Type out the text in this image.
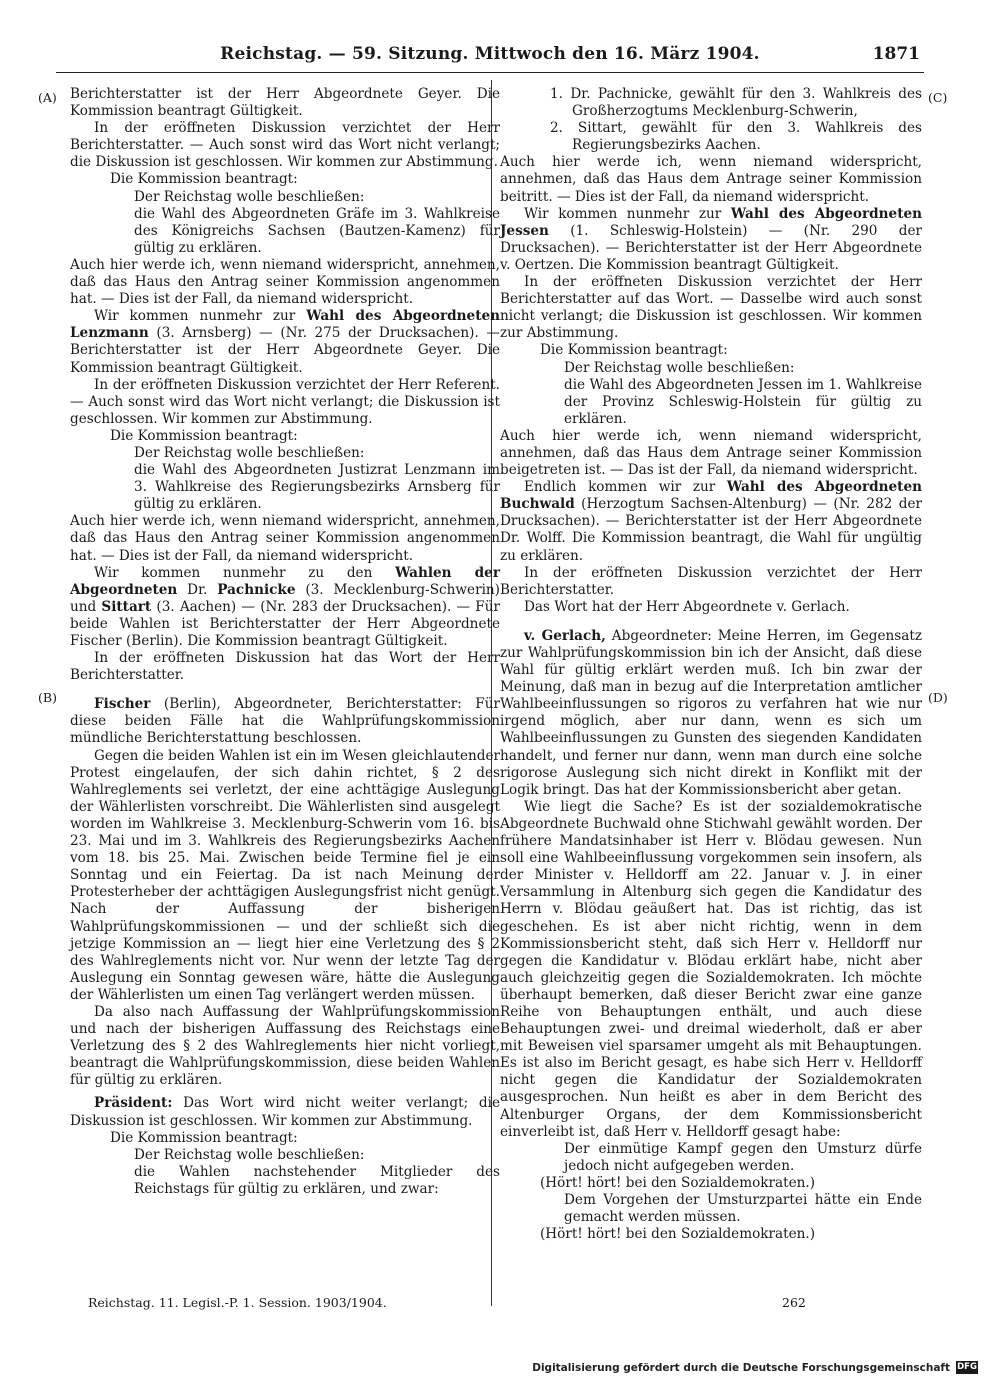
Reichstag. — 59. Sitzung. Mittwoch den 16. März 1904.	1871
(A)
(B)
(C)
(D)

Berichterstatter ist der Herr Abgeordnete Geyer. Die Kommission beantragt Gültigkeit.

In der eröffneten Diskussion verzichtet der Herr Berichterstatter. — Auch sonst wird das Wort nicht verlangt; die Diskussion ist geschlossen. Wir kommen zur Abstimmung.

Die Kommission beantragt:

Der Reichstag wolle beschließen:

die Wahl des Abgeordneten Gräfe im 3. Wahlkreise des Königreichs Sachsen (Bautzen-Kamenz) für gültig zu erklären.

Auch hier werde ich, wenn niemand widerspricht, annehmen, daß das Haus den Antrag seiner Kommission angenommen hat. — Dies ist der Fall, da niemand widerspricht.

Wir kommen nunmehr zur Wahl des Abgeordneten Lenzmann (3. Arnsberg) — (Nr. 275 der Drucksachen). — Berichterstatter ist der Herr Abgeordnete Geyer. Die Kommission beantragt Gültigkeit.

In der eröffneten Diskussion verzichtet der Herr Referent. — Auch sonst wird das Wort nicht verlangt; die Diskussion ist geschlossen. Wir kommen zur Abstimmung.

Die Kommission beantragt:

Der Reichstag wolle beschließen:

die Wahl des Abgeordneten Justizrat Lenzmann im 3. Wahlkreise des Regierungsbezirks Arnsberg für gültig zu erklären.

Auch hier werde ich, wenn niemand widerspricht, annehmen, daß das Haus den Antrag seiner Kommission angenommen hat. — Dies ist der Fall, da niemand widerspricht.

Wir kommen nunmehr zu den Wahlen der Abgeordneten Dr. Pachnicke (3. Mecklenburg-Schwerin) und Sittart (3. Aachen) — (Nr. 283 der Drucksachen). — Für beide Wahlen ist Berichterstatter der Herr Abgeordnete Fischer (Berlin). Die Kommission beantragt Gültigkeit.

In der eröffneten Diskussion hat das Wort der Herr Berichterstatter.

Fischer (Berlin), Abgeordneter, Berichterstatter: Für diese beiden Fälle hat die Wahlprüfungskommission mündliche Berichterstattung beschlossen.

Gegen die beiden Wahlen ist ein im Wesen gleichlautender Protest eingelaufen, der sich dahin richtet, § 2 des Wahlreglements sei verletzt, der eine achttägige Auslegung der Wählerlisten vorschreibt. Die Wählerlisten sind ausgelegt worden im Wahlkreise 3. Mecklenburg-Schwerin vom 16. bis 23. Mai und im 3. Wahlkreis des Regierungsbezirks Aachen vom 18. bis 25. Mai. Zwischen beide Termine fiel je ein Sonntag und ein Feiertag. Da ist nach Meinung der Protesterheber der achttägigen Auslegungsfrist nicht genügt. Nach der Auffassung der bisherigen Wahlprüfungskommissionen — und der schließt sich die jetzige Kommission an — liegt hier eine Verletzung des § 2 des Wahlreglements nicht vor. Nur wenn der letzte Tag der Auslegung ein Sonntag gewesen wäre, hätte die Auslegung der Wählerlisten um einen Tag verlängert werden müssen.

Da also nach Auffassung der Wahlprüfungskommission und nach der bisherigen Auffassung des Reichstags eine Verletzung des § 2 des Wahlreglements hier nicht vorliegt, beantragt die Wahlprüfungskommission, diese beiden Wahlen für gültig zu erklären.

Präsident: Das Wort wird nicht weiter verlangt; die Diskussion ist geschlossen. Wir kommen zur Abstimmung.

Die Kommission beantragt:

Der Reichstag wolle beschließen:

die Wahlen nachstehender Mitglieder des Reichstags für gültig zu erklären, und zwar:

1. Dr. Pachnicke, gewählt für den 3. Wahlkreis des Großherzogtums Mecklenburg-Schwerin,

2. Sittart, gewählt für den 3. Wahlkreis des Regierungsbezirks Aachen.

Auch hier werde ich, wenn niemand widerspricht, annehmen, daß das Haus dem Antrage seiner Kommission beitritt. — Dies ist der Fall, da niemand widerspricht.

Wir kommen nunmehr zur Wahl des Abgeordneten Jessen (1. Schleswig-Holstein) — (Nr. 290 der Drucksachen). — Berichterstatter ist der Herr Abgeordnete v. Oertzen. Die Kommission beantragt Gültigkeit.

In der eröffneten Diskussion verzichtet der Herr Berichterstatter auf das Wort. — Dasselbe wird auch sonst nicht verlangt; die Diskussion ist geschlossen. Wir kommen zur Abstimmung.

Die Kommission beantragt:

Der Reichstag wolle beschließen:

die Wahl des Abgeordneten Jessen im 1. Wahlkreise der Provinz Schleswig-Holstein für gültig zu erklären.

Auch hier werde ich, wenn niemand widerspricht, annehmen, daß das Haus dem Antrage seiner Kommission beigetreten ist. — Das ist der Fall, da niemand widerspricht.

Endlich kommen wir zur Wahl des Abgeordneten Buchwald (Herzogtum Sachsen-Altenburg) — (Nr. 282 der Drucksachen). — Berichterstatter ist der Herr Abgeordnete Dr. Wolff. Die Kommission beantragt, die Wahl für ungültig zu erklären.

In der eröffneten Diskussion verzichtet der Herr Berichterstatter.

Das Wort hat der Herr Abgeordnete v. Gerlach.

v. Gerlach, Abgeordneter: Meine Herren, im Gegensatz zur Wahlprüfungskommission bin ich der Ansicht, daß diese Wahl für gültig erklärt werden muß. Ich bin zwar der Meinung, daß man in bezug auf die Interpretation amtlicher Wahlbeeinflussungen so rigoros zu verfahren hat wie nur irgend möglich, aber nur dann, wenn es sich um Wahlbeeinflussungen zu Gunsten des siegenden Kandidaten handelt, und ferner nur dann, wenn man durch eine solche rigorose Auslegung sich nicht direkt in Konflikt mit der Logik bringt. Das hat der Kommissionsbericht aber getan.

Wie liegt die Sache? Es ist der sozialdemokratische Abgeordnete Buchwald ohne Stichwahl gewählt worden. Der frühere Mandatsinhaber ist Herr v. Blödau gewesen. Nun soll eine Wahlbeeinflussung vorgekommen sein insofern, als der Minister v. Helldorff am 22. Januar v. J. in einer Versammlung in Altenburg sich gegen die Kandidatur des Herrn v. Blödau geäußert hat. Das ist richtig, das ist geschehen. Es ist aber nicht richtig, wenn in dem Kommissionsbericht steht, daß sich Herr v. Helldorff nur gegen die Kandidatur v. Blödau erklärt habe, nicht aber auch gleichzeitig gegen die Sozialdemokraten. Ich möchte überhaupt bemerken, daß dieser Bericht zwar eine ganze Reihe von Behauptungen enthält, und auch diese Behauptungen zwei- und dreimal wiederholt, daß er aber mit Beweisen viel sparsamer umgeht als mit Behauptungen. Es ist also im Bericht gesagt, es habe sich Herr v. Helldorff nicht gegen die Kandidatur der Sozialdemokraten ausgesprochen. Nun heißt es aber in dem Bericht des Altenburger Organs, der dem Kommissionsbericht einverleibt ist, daß Herr v. Helldorff gesagt habe:

Der einmütige Kampf gegen den Umsturz dürfe jedoch nicht aufgegeben werden.

(Hört! hört! bei den Sozialdemokraten.)

Dem Vorgehen der Umsturzpartei hätte ein Ende gemacht werden müssen.

(Hört! hört! bei den Sozialdemokraten.)

Reichstag. 11. Legisl.-P. 1. Session. 1903/1904.	262
Digitalisierung gefördert durch die Deutsche Forschungsgemeinschaft DFG
